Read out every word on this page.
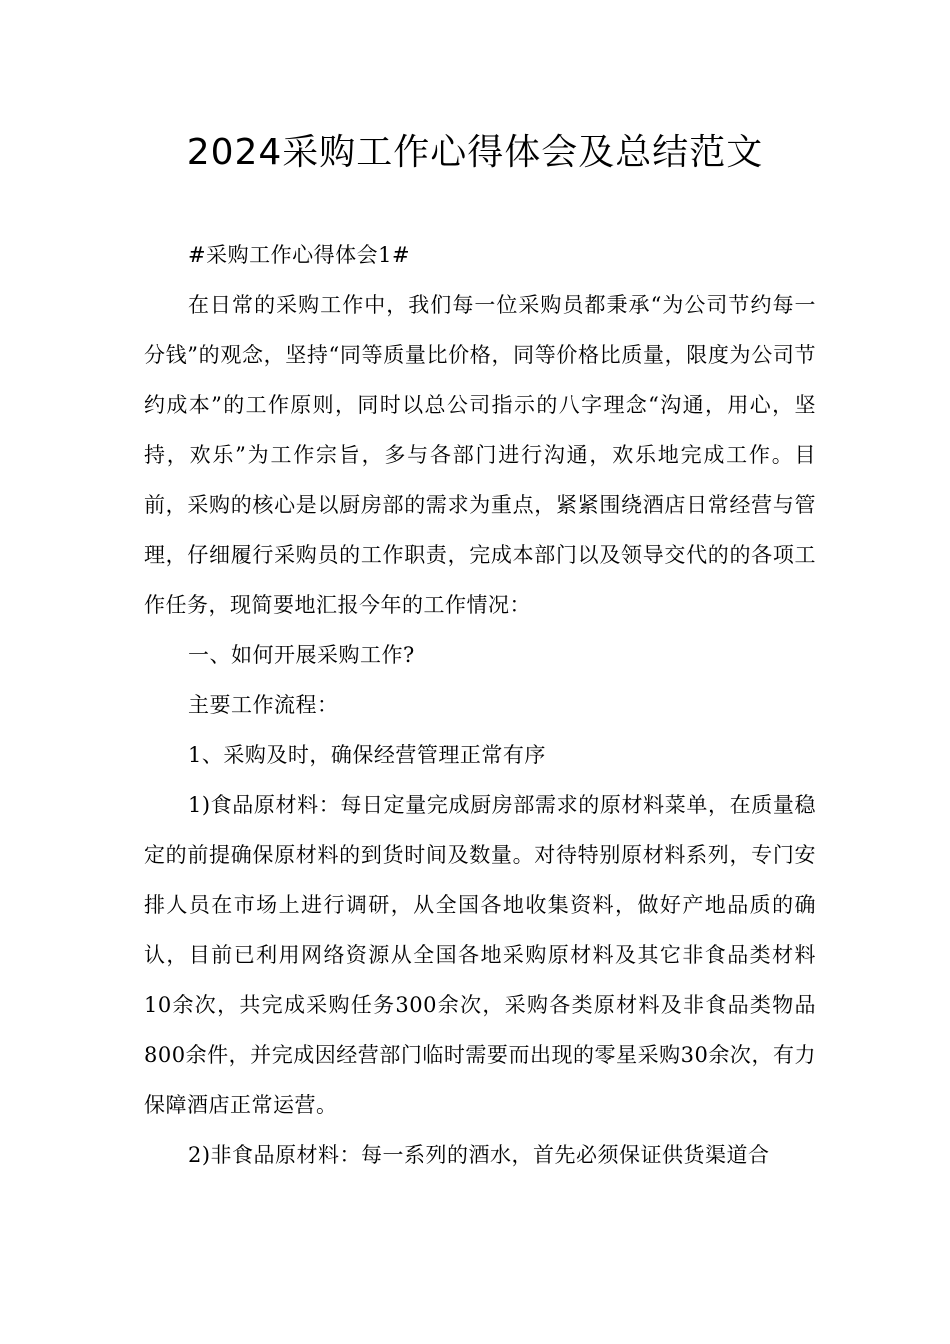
2024采购工作心得体会及总结范文

#采购工作心得体会1#

在日常的采购工作中，我们每一位采购员都秉承“为公司节约每一分钱”的观念，坚持“同等质量比价格，同等价格比质量，限度为公司节约成本”的工作原则，同时以总公司指示的八字理念“沟通，用心，坚持，欢乐”为工作宗旨，多与各部门进行沟通，欢乐地完成工作。目前，采购的核心是以厨房部的需求为重点，紧紧围绕酒店日常经营与管理，仔细履行采购员的工作职责，完成本部门以及领导交代的的各项工作任务，现简要地汇报今年的工作情况：

一、如何开展采购工作?

主要工作流程：

1、采购及时，确保经营管理正常有序

1)食品原材料：每日定量完成厨房部需求的原材料菜单，在质量稳定的前提确保原材料的到货时间及数量。对待特别原材料系列，专门安排人员在市场上进行调研，从全国各地收集资料，做好产地品质的确认，目前已利用网络资源从全国各地采购原材料及其它非食品类材料10余次，共完成采购任务300余次，采购各类原材料及非食品类物品800余件，并完成因经营部门临时需要而出现的零星采购30余次，有力保障酒店正常运营。

2)非食品原材料：每一系列的酒水，首先必须保证供货渠道合
